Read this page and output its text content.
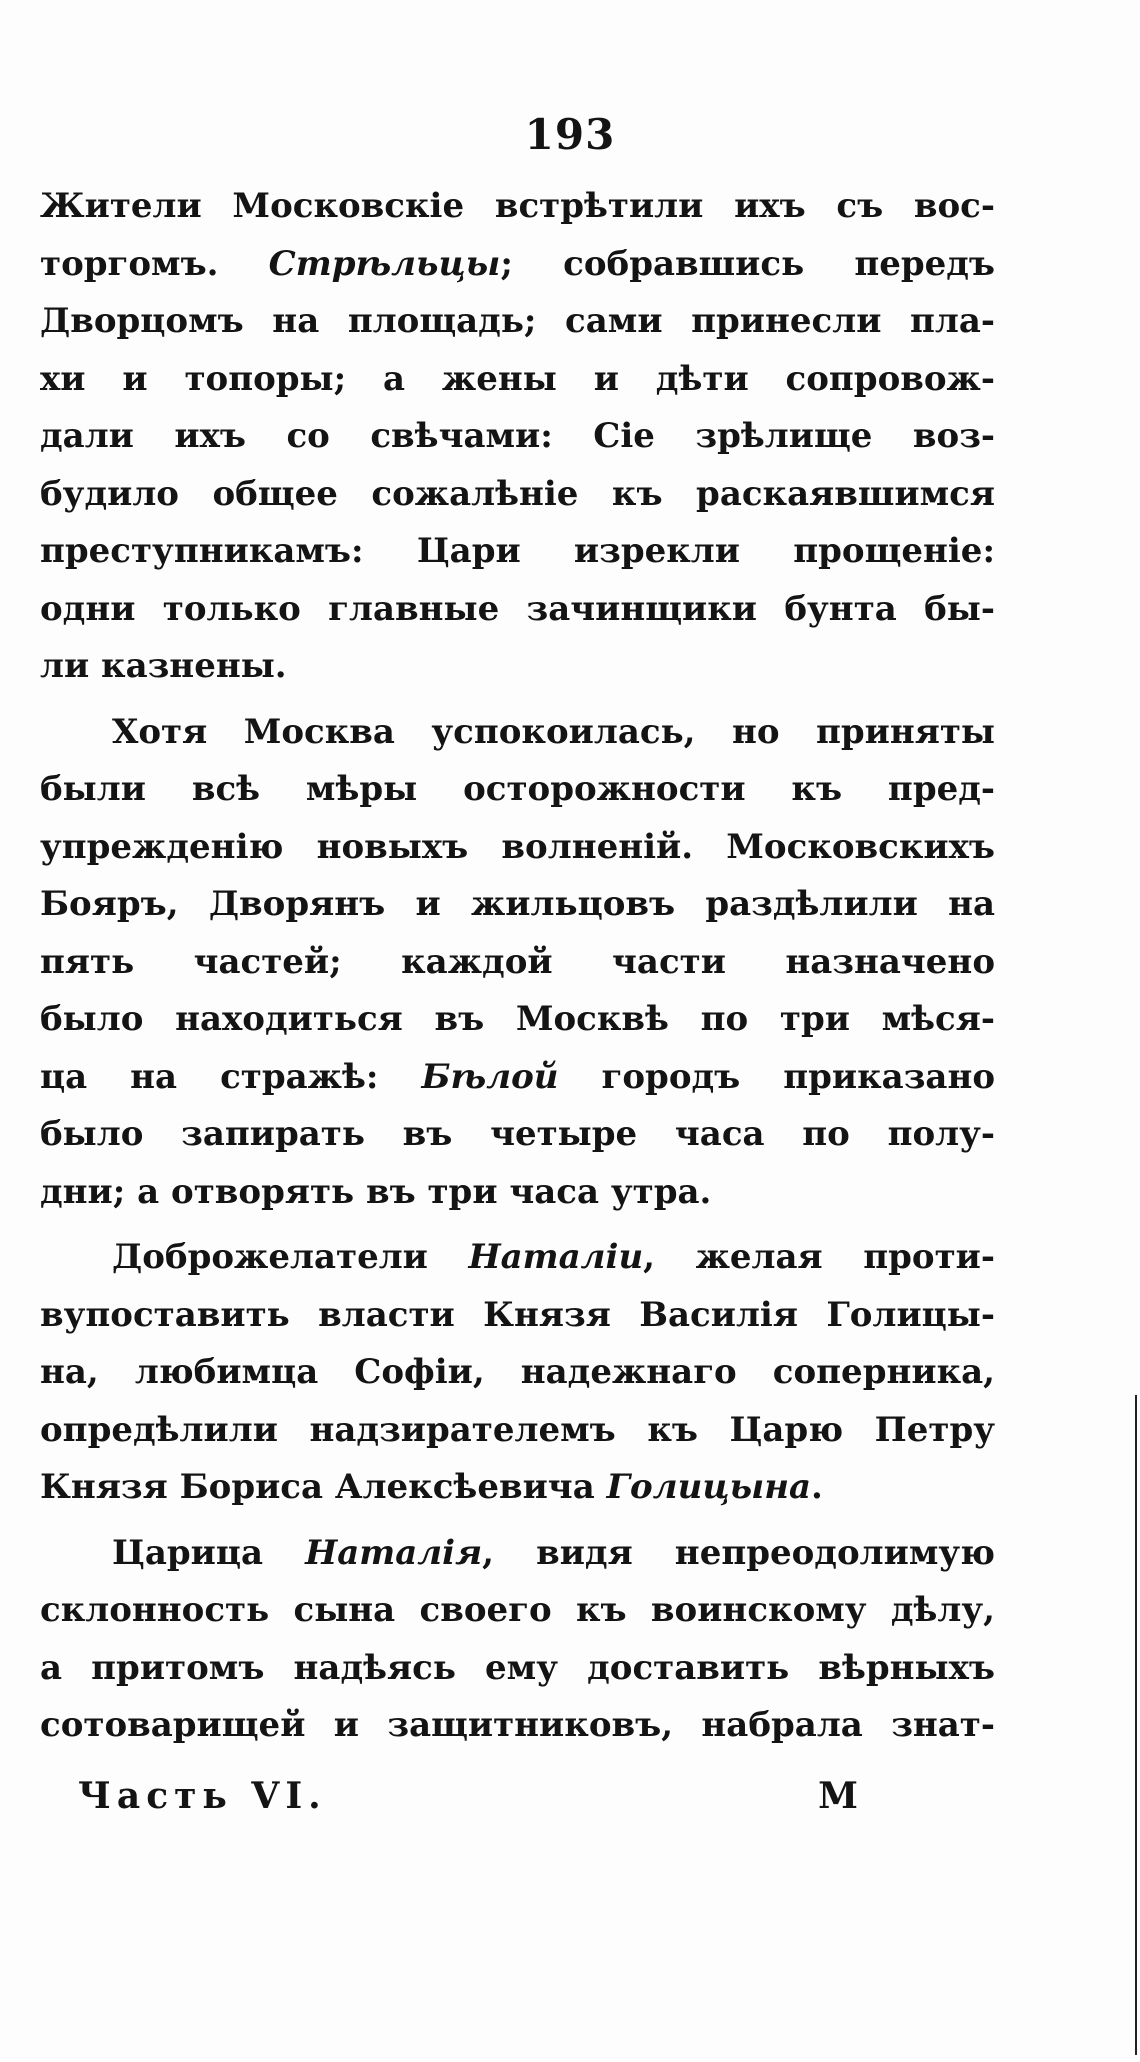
193
Жители Московскіе встрѣтили ихъ съ вос-
торгомъ. Стрѣльцы; собравшись передъ
Дворцомъ на площадь; сами принесли пла-
хи и топоры; а жены и дѣти сопровож-
дали ихъ со свѣчами: Сіе зрѣлище воз-
будило общее сожалѣніе къ раскаявшимся
преступникамъ: Цари изрекли прощеніе:
одни только главные зачинщики бунта бы-
ли казнены.
Хотя Москва успокоилась, но приняты
были всѣ мѣры осторожности къ пред-
упрежденію новыхъ волненій. Московскихъ
Бояръ, Дворянъ и жильцовъ раздѣлили на
пять частей; каждой части назначено
было находиться въ Москвѣ по три мѣся-
ца на стражѣ: Бѣлой городъ приказано
было запирать въ четыре часа по полу-
дни; а отворять въ три часа утра.
Доброжелатели Наталіи, желая проти-
вупоставить власти Князя Василія Голицы-
на, любимца Софіи, надежнаго соперника,
опредѣлили надзирателемъ къ Царю Петру
Князя Бориса Алексѣевича Голицына.
Царица Наталія, видя непреодолимую
склонность сына своего къ воинскому дѣлу,
а притомъ надѣясь ему доставить вѣрныхъ
сотоварищей и защитниковъ, набрала знат-
Часть VI.	М
